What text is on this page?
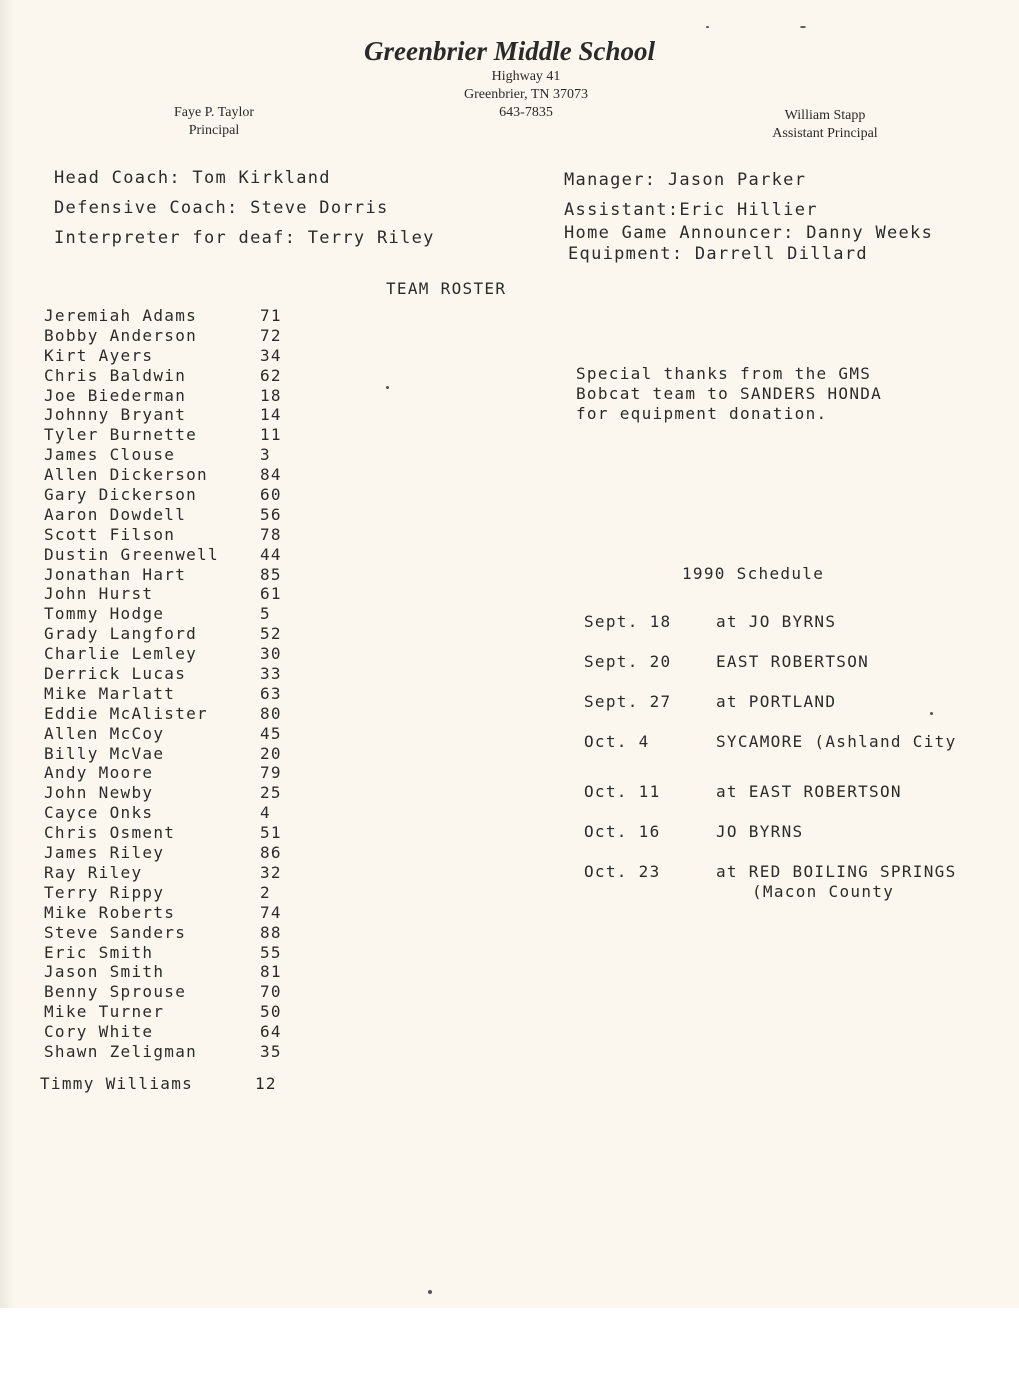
Greenbrier Middle School
Highway 41
Greenbrier, TN 37073
643-7835
Faye P. Taylor
Principal
William Stapp
Assistant Principal
Head Coach: Tom Kirkland
Defensive Coach: Steve Dorris
Interpreter for deaf: Terry Riley
Manager: Jason Parker
Assistant:Eric Hillier
Home Game Announcer: Danny Weeks
Equipment: Darrell Dillard
TEAM ROSTER
Jeremiah Adams	71
Bobby Anderson	72
Kirt Ayers	34
Chris Baldwin	62
Joe Biederman	18
Johnny Bryant	14
Tyler Burnette	11
James Clouse	3
Allen Dickerson	84
Gary Dickerson	60
Aaron Dowdell	56
Scott Filson	78
Dustin Greenwell	44
Jonathan Hart	85
John Hurst	61
Tommy Hodge	5
Grady Langford	52
Charlie Lemley	30
Derrick Lucas	33
Mike Marlatt	63
Eddie McAlister	80
Allen McCoy	45
Billy McVae	20
Andy Moore	79
John Newby	25
Cayce Onks	4
Chris Osment	51
James Riley	86
Ray Riley	32
Terry Rippy	2
Mike Roberts	74
Steve Sanders	88
Eric Smith	55
Jason Smith	81
Benny Sprouse	70
Mike Turner	50
Cory White	64
Shawn Zeligman	35
Timmy Williams	12
Special thanks from the GMS
Bobcat team to SANDERS HONDA
for equipment donation.
1990 Schedule
Sept. 18	at JO BYRNS
Sept. 20	EAST ROBERTSON
Sept. 27	at PORTLAND
Oct. 4	SYCAMORE (Ashland City
Oct. 11	at EAST ROBERTSON
Oct. 16	JO BYRNS
Oct. 23	at RED BOILING SPRINGS
(Macon County
